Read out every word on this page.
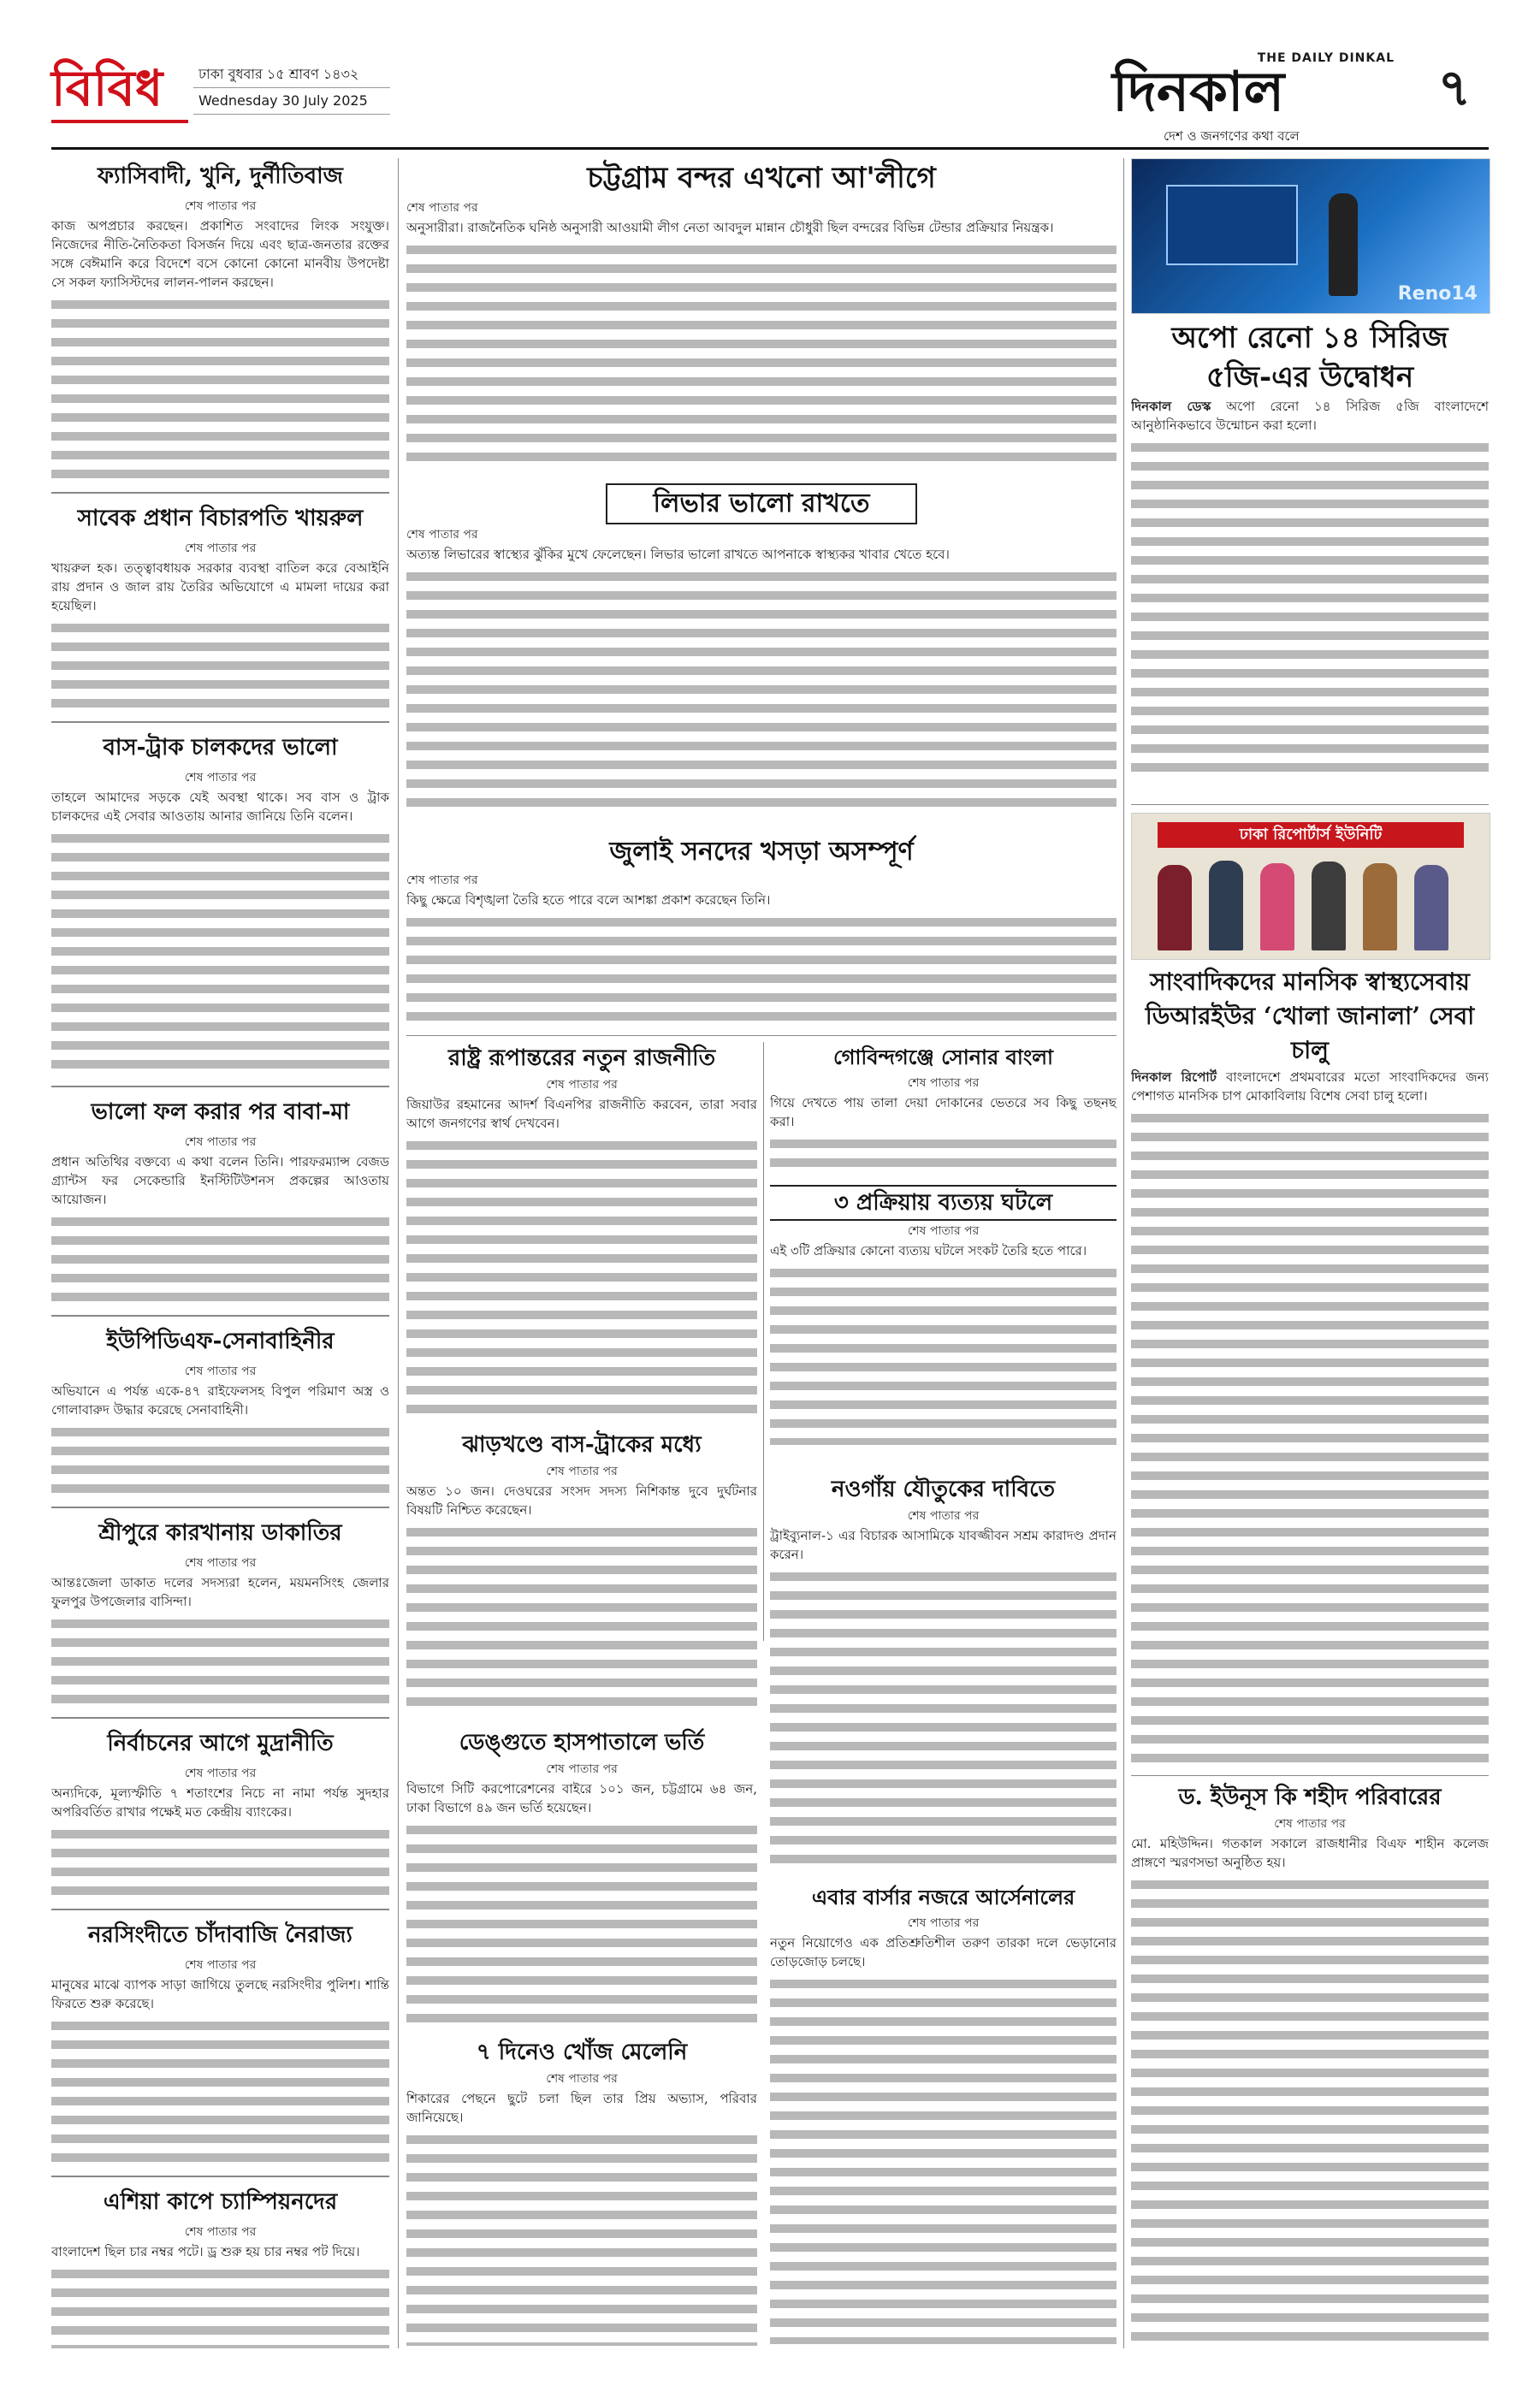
বিবিধ	ঢাকা বুধবার ১৫ শ্রাবণ ১৪৩২
Wednesday 30 July 2025
THE DAILY DINKAL
দিনকাল
দেশ ও জনগণের কথা বলে
৭
ফ্যাসিবাদী, খুনি, দুর্নীতিবাজ
শেষ পাতার পর

কাজ অপপ্রচার করছেন। প্রকাশিত সংবাদের লিংক সংযুক্ত। নিজেদের নীতি-নৈতিকতা বিসর্জন দিয়ে এবং ছাত্র-জনতার রক্তের সঙ্গে বেঈমানি করে বিদেশে বসে কোনো কোনো মানবীয় উপদেষ্টা সে সকল ফ্যাসিস্টদের লালন-পালন করছেন।

সাবেক প্রধান বিচারপতি খায়রুল
শেষ পাতার পর

খায়রুল হক। তত্ত্বাবধায়ক সরকার ব্যবস্থা বাতিল করে বেআইনি রায় প্রদান ও জাল রায় তৈরির অভিযোগে এ মামলা দায়ের করা হয়েছিল।

বাস-ট্রাক চালকদের ভালো
শেষ পাতার পর

তাহলে আমাদের সড়কে যেই অবস্থা থাকে। সব বাস ও ট্রাক চালকদের এই সেবার আওতায় আনার জানিয়ে তিনি বলেন।

ভালো ফল করার পর বাবা-মা
শেষ পাতার পর

প্রধান অতিথির বক্তব্যে এ কথা বলেন তিনি। পারফরম্যান্স বেজড গ্র্যান্টস ফর সেকেন্ডারি ইনস্টিটিউশনস প্রকল্পের আওতায় আয়োজন।

ইউপিডিএফ-সেনাবাহিনীর
শেষ পাতার পর

অভিযানে এ পর্যন্ত একে-৪৭ রাইফেলসহ বিপুল পরিমাণ অস্ত্র ও গোলাবারুদ উদ্ধার করেছে সেনাবাহিনী।

শ্রীপুরে কারখানায় ডাকাতির
শেষ পাতার পর

আন্তঃজেলা ডাকাত দলের সদস্যরা হলেন, ময়মনসিংহ জেলার ফুলপুর উপজেলার বাসিন্দা।

নির্বাচনের আগে মুদ্রানীতি
শেষ পাতার পর

অন্যদিকে, মূল্যস্ফীতি ৭ শতাংশের নিচে না নামা পর্যন্ত সুদহার অপরিবর্তিত রাখার পক্ষেই মত কেন্দ্রীয় ব্যাংকের।

নরসিংদীতে চাঁদাবাজি নৈরাজ্য
শেষ পাতার পর

মানুষের মাঝে ব্যাপক সাড়া জাগিয়ে তুলছে নরসিংদীর পুলিশ। শান্তি ফিরতে শুরু করেছে।

এশিয়া কাপে চ্যাম্পিয়নদের
শেষ পাতার পর

বাংলাদেশ ছিল চার নম্বর পটে। ড্র শুরু হয় চার নম্বর পট দিয়ে।

চট্টগ্রাম বন্দর এখনো আ'লীগে
শেষ পাতার পর

অনুসারীরা। রাজনৈতিক ঘনিষ্ঠ অনুসারী আওয়ামী লীগ নেতা আবদুল মান্নান চৌধুরী ছিল বন্দরের বিভিন্ন টেন্ডার প্রক্রিয়ার নিয়ন্ত্রক।

লিভার ভালো রাখতে
শেষ পাতার পর

অত্যন্ত লিভারের স্বাস্থ্যের ঝুঁকির মুখে ফেলেছেন। লিভার ভালো রাখতে আপনাকে স্বাস্থ্যকর খাবার খেতে হবে।

জুলাই সনদের খসড়া অসম্পূর্ণ
শেষ পাতার পর

কিছু ক্ষেত্রে বিশৃঙ্খলা তৈরি হতে পারে বলে আশঙ্কা প্রকাশ করেছেন তিনি।

রাষ্ট্র রূপান্তরের নতুন রাজনীতি
শেষ পাতার পর

জিয়াউর রহমানের আদর্শ বিএনপির রাজনীতি করবেন, তারা সবার আগে জনগণের স্বার্থ দেখবেন।

গোবিন্দগঞ্জে সোনার বাংলা
শেষ পাতার পর

গিয়ে দেখতে পায় তালা দেয়া দোকানের ভেতরে সব কিছু তছনছ করা।

৩ প্রক্রিয়ায় ব্যত্যয় ঘটলে
শেষ পাতার পর

এই ৩টি প্রক্রিয়ার কোনো ব্যত্যয় ঘটলে সংকট তৈরি হতে পারে।

নওগাঁয় যৌতুকের দাবিতে
শেষ পাতার পর

ট্রাইব্যুনাল-১ এর বিচারক আসামিকে যাবজ্জীবন সশ্রম কারাদণ্ড প্রদান করেন।

ঝাড়খণ্ডে বাস-ট্রাকের মধ্যে
শেষ পাতার পর

অন্তত ১০ জন। দেওঘরের সংসদ সদস্য নিশিকান্ত দুবে দুর্ঘটনার বিষয়টি নিশ্চিত করেছেন।

ডেঙ্গুতে হাসপাতালে ভর্তি
শেষ পাতার পর

বিভাগে সিটি করপোরেশনের বাইরে ১০১ জন, চট্টগ্রামে ৬৪ জন, ঢাকা বিভাগে ৪৯ জন ভর্তি হয়েছেন।

৭ দিনেও খোঁজ মেলেনি
শেষ পাতার পর

শিকারের পেছনে ছুটে চলা ছিল তার প্রিয় অভ্যাস, পরিবার জানিয়েছে।

এবার বার্সার নজরে আর্সেনালের
শেষ পাতার পর

নতুন নিয়োগেও এক প্রতিশ্রুতিশীল তরুণ তারকা দলে ভেড়ানোর তোড়জোড় চলছে।

Reno14
অপো রেনো ১৪ সিরিজ
৫জি-এর উদ্বোধন

দিনকাল ডেস্ক অপো রেনো ১৪ সিরিজ ৫জি বাংলাদেশে আনুষ্ঠানিকভাবে উন্মোচন করা হলো।

ঢাকা রিপোর্টার্স ইউনিটি
সাংবাদিকদের মানসিক স্বাস্থ্যসেবায়
ডিআরইউর ‘খোলা জানালা’ সেবা চালু

দিনকাল রিপোর্ট বাংলাদেশে প্রথমবারের মতো সাংবাদিকদের জন্য পেশাগত মানসিক চাপ মোকাবিলায় বিশেষ সেবা চালু হলো।

ড. ইউনূস কি শহীদ পরিবারের
শেষ পাতার পর

মো. মহিউদ্দিন। গতকাল সকালে রাজধানীর বিএফ শাহীন কলেজ প্রাঙ্গণে স্মরণসভা অনুষ্ঠিত হয়।
